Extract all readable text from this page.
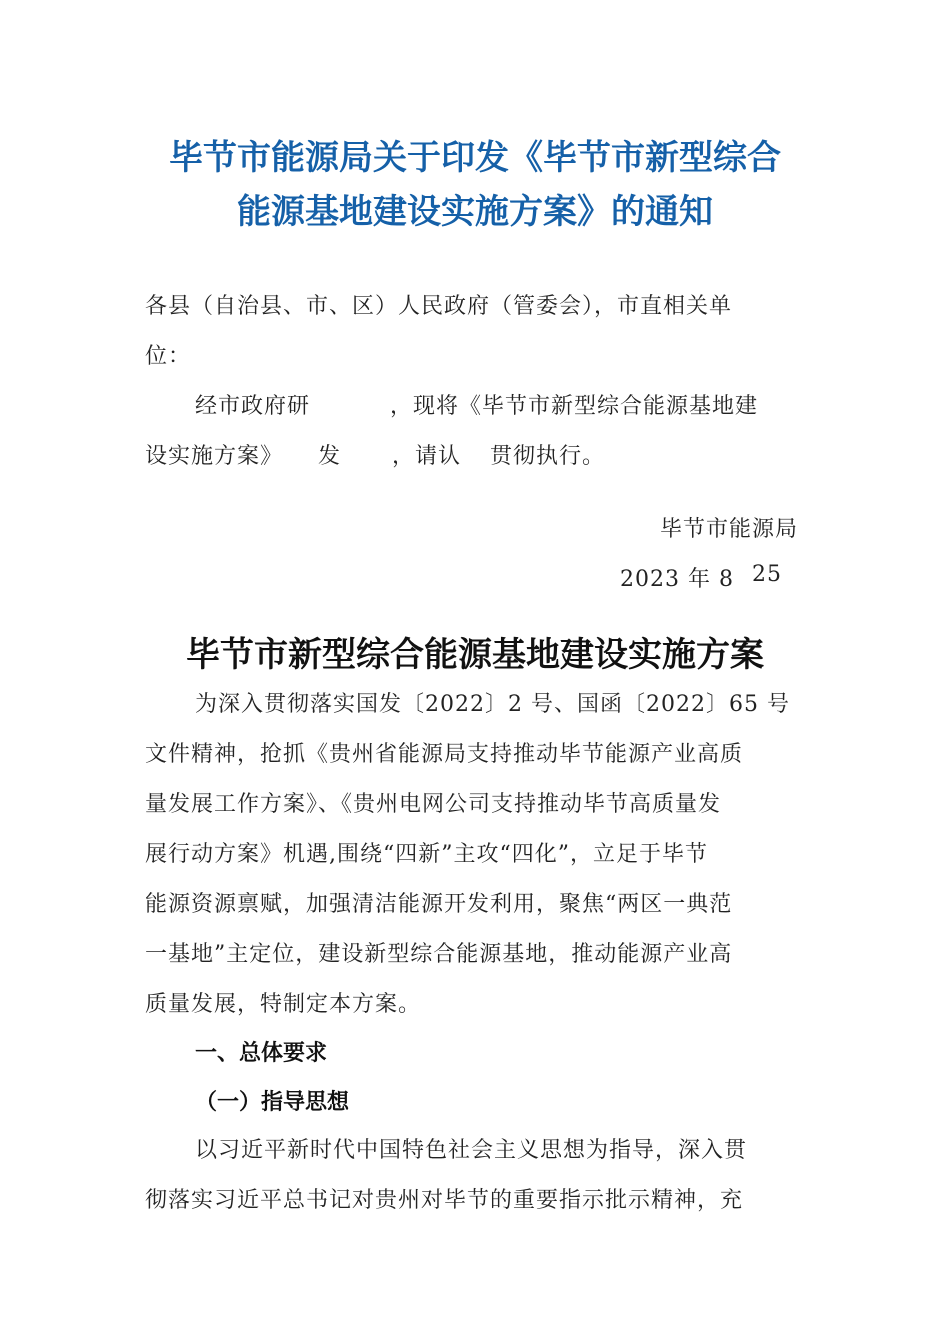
毕节市能源局关于印发《毕节市新型综合
能源基地建设实施方案》的通知
各县（自治县、市、区）人民政府（管委会），市直相关单
位：
经市政府研	，现将《毕节市新型综合能源基地建
设实施方案》 发 ，请认 贯彻执行。
毕节市能源局
2023 年 8 25
毕节市新型综合能源基地建设实施方案
为深入贯彻落实国发〔2022〕2 号、国函〔2022〕65 号
文件精神，抢抓《贵州省能源局支持推动毕节能源产业高质
量发展工作方案》、《贵州电网公司支持推动毕节高质量发
展行动方案》机遇,围绕“四新”主攻“四化”，立足于毕节
能源资源禀赋，加强清洁能源开发利用，聚焦“两区一典范
一基地”主定位，建设新型综合能源基地，推动能源产业高
质量发展，特制定本方案。
一、总体要求
（一）指导思想
以习近平新时代中国特色社会主义思想为指导，深入贯
彻落实习近平总书记对贵州对毕节的重要指示批示精神，充
